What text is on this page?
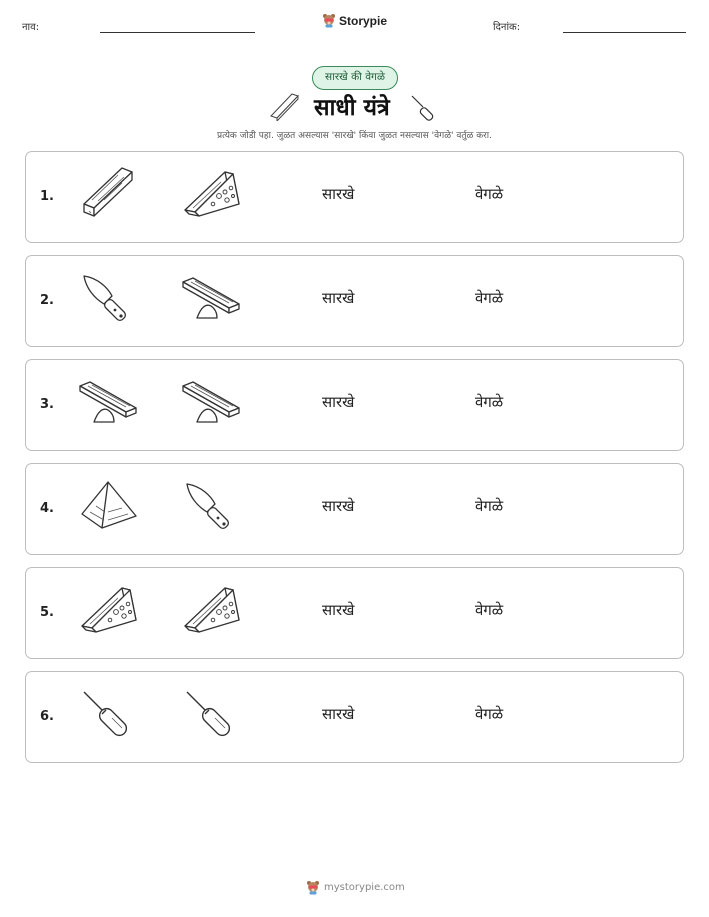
नाव:	Storypie	दिनांक:
सारखे की वेगळे
साधी यंत्रे
प्रत्येक जोडी पहा. जुळत असल्यास 'सारखे' किंवा जुळत नसल्यास 'वेगळे' वर्तुळ करा.
1.	सारखे	वेगळे
2.	सारखे	वेगळे
3.	सारखे	वेगळे
4.	सारखे	वेगळे
5.	सारखे	वेगळे
6.	सारखे	वेगळे
mystorypie.com
